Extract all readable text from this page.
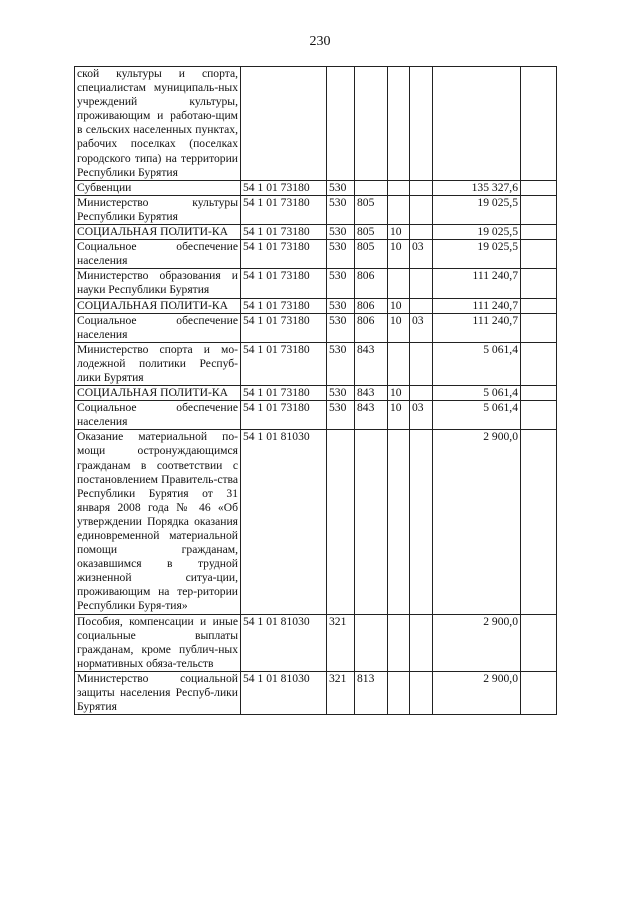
230
ской культуры и спорта, специалистам муниципаль-ных учреждений культуры, проживающим и работаю-щим в сельских населенных пунктах, рабочих поселках (поселках городского типа) на территории Республики Бурятия							
Субвенции	54 1 01 73180	530				135 327,6	
Министерство культуры Республики Бурятия	54 1 01 73180	530	805			19 025,5	
СОЦИАЛЬНАЯ ПОЛИТИ-КА	54 1 01 73180	530	805	10		19 025,5	
Социальное обеспечение населения	54 1 01 73180	530	805	10	03	19 025,5	
Министерство образования и науки Республики Бурятия	54 1 01 73180	530	806			111 240,7	
СОЦИАЛЬНАЯ ПОЛИТИ-КА	54 1 01 73180	530	806	10		111 240,7	
Социальное обеспечение населения	54 1 01 73180	530	806	10	03	111 240,7	
Министерство спорта и мо-лодежной политики Респуб-лики Бурятия	54 1 01 73180	530	843			5 061,4	
СОЦИАЛЬНАЯ ПОЛИТИ-КА	54 1 01 73180	530	843	10		5 061,4	
Социальное обеспечение населения	54 1 01 73180	530	843	10	03	5 061,4	
Оказание материальной по-мощи остронуждающимся гражданам в соответствии с постановлением Правитель-ства Республики Бурятия от 31 января 2008 года № 46 «Об утверждении Порядка оказания единовременной материальной помощи гражданам, оказавшимся в трудной жизненной ситуа-ции, проживающим на тер-ритории Республики Буря-тия»	54 1 01 81030					2 900,0	
Пособия, компенсации и иные социальные выплаты гражданам, кроме публич-ных нормативных обяза-тельств	54 1 01 81030	321				2 900,0	
Министерство социальной защиты населения Респуб-лики Бурятия	54 1 01 81030	321	813			2 900,0	
